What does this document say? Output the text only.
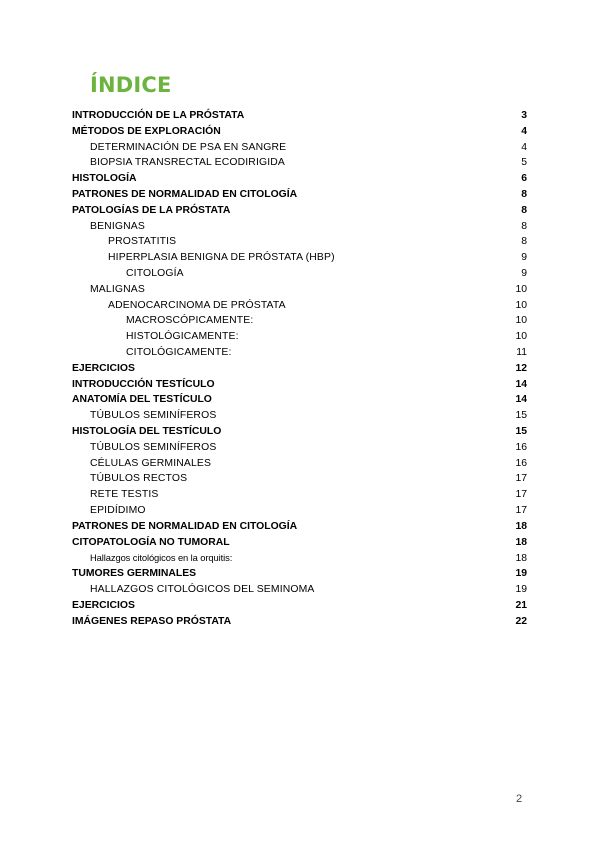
ÍNDICE
INTRODUCCIÓN DE LA PRÓSTATA	3
MÉTODOS DE EXPLORACIÓN	4
DETERMINACIÓN DE PSA EN SANGRE	4
BIOPSIA TRANSRECTAL ECODIRIGIDA	5
HISTOLOGÍA	6
PATRONES DE NORMALIDAD EN CITOLOGÍA	8
PATOLOGÍAS DE LA PRÓSTATA	8
BENIGNAS	8
PROSTATITIS	8
HIPERPLASIA BENIGNA DE PRÓSTATA (HBP)	9
CITOLOGÍA	9
MALIGNAS	10
ADENOCARCINOMA DE PRÓSTATA	10
MACROSCÓPICAMENTE:	10
HISTOLÓGICAMENTE:	10
CITOLÓGICAMENTE:	11
EJERCICIOS	12
INTRODUCCIÓN TESTÍCULO	14
ANATOMÍA DEL TESTÍCULO	14
TÚBULOS SEMINÍFEROS	15
HISTOLOGÍA DEL TESTÍCULO	15
TÚBULOS SEMINÍFEROS	16
CÉLULAS GERMINALES	16
TÚBULOS RECTOS	17
RETE TESTIS	17
EPIDÍDIMO	17
PATRONES DE NORMALIDAD EN CITOLOGÍA	18
CITOPATOLOGÍA NO TUMORAL	18
Hallazgos citológicos en la orquitis:	18
TUMORES GERMINALES	19
HALLAZGOS CITOLÓGICOS DEL SEMINOMA	19
EJERCICIOS	21
IMÁGENES REPASO PRÓSTATA	22
2
